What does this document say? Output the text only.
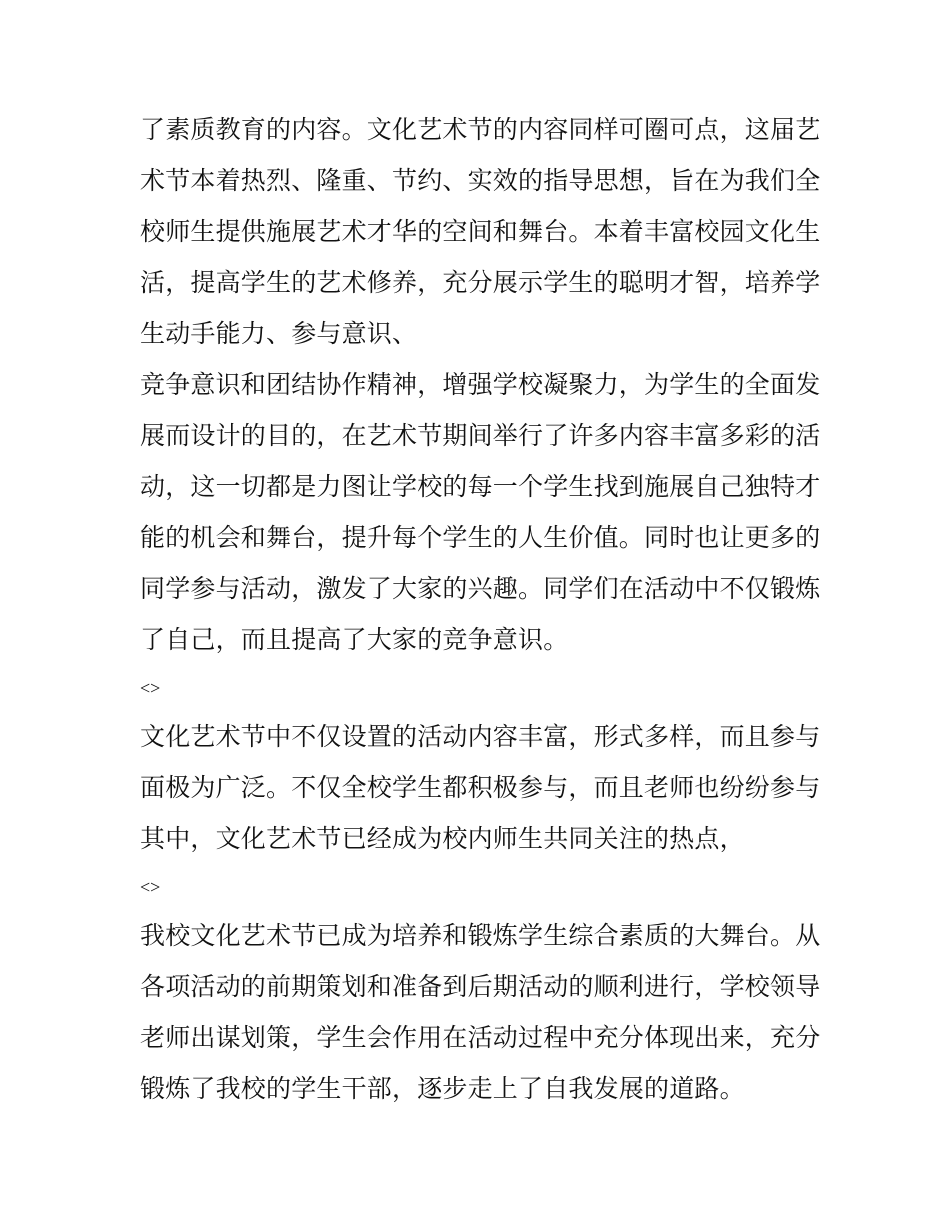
了素质教育的内容。文化艺术节的内容同样可圈可点，这届艺
术节本着热烈、隆重、节约、实效的指导思想，旨在为我们全
校师生提供施展艺术才华的空间和舞台。本着丰富校园文化生
活，提高学生的艺术修养，充分展示学生的聪明才智，培养学
生动手能力、参与意识、
竞争意识和团结协作精神，增强学校凝聚力，为学生的全面发
展而设计的目的，在艺术节期间举行了许多内容丰富多彩的活
动，这一切都是力图让学校的每一个学生找到施展自己独特才
能的机会和舞台，提升每个学生的人生价值。同时也让更多的
同学参与活动，激发了大家的兴趣。同学们在活动中不仅锻炼
了自己，而且提高了大家的竞争意识。
<>
文化艺术节中不仅设置的活动内容丰富，形式多样，而且参与
面极为广泛。不仅全校学生都积极参与，而且老师也纷纷参与
其中，文化艺术节已经成为校内师生共同关注的热点，
<>
我校文化艺术节已成为培养和锻炼学生综合素质的大舞台。从
各项活动的前期策划和准备到后期活动的顺利进行，学校领导
老师出谋划策，学生会作用在活动过程中充分体现出来，充分
锻炼了我校的学生干部，逐步走上了自我发展的道路。
